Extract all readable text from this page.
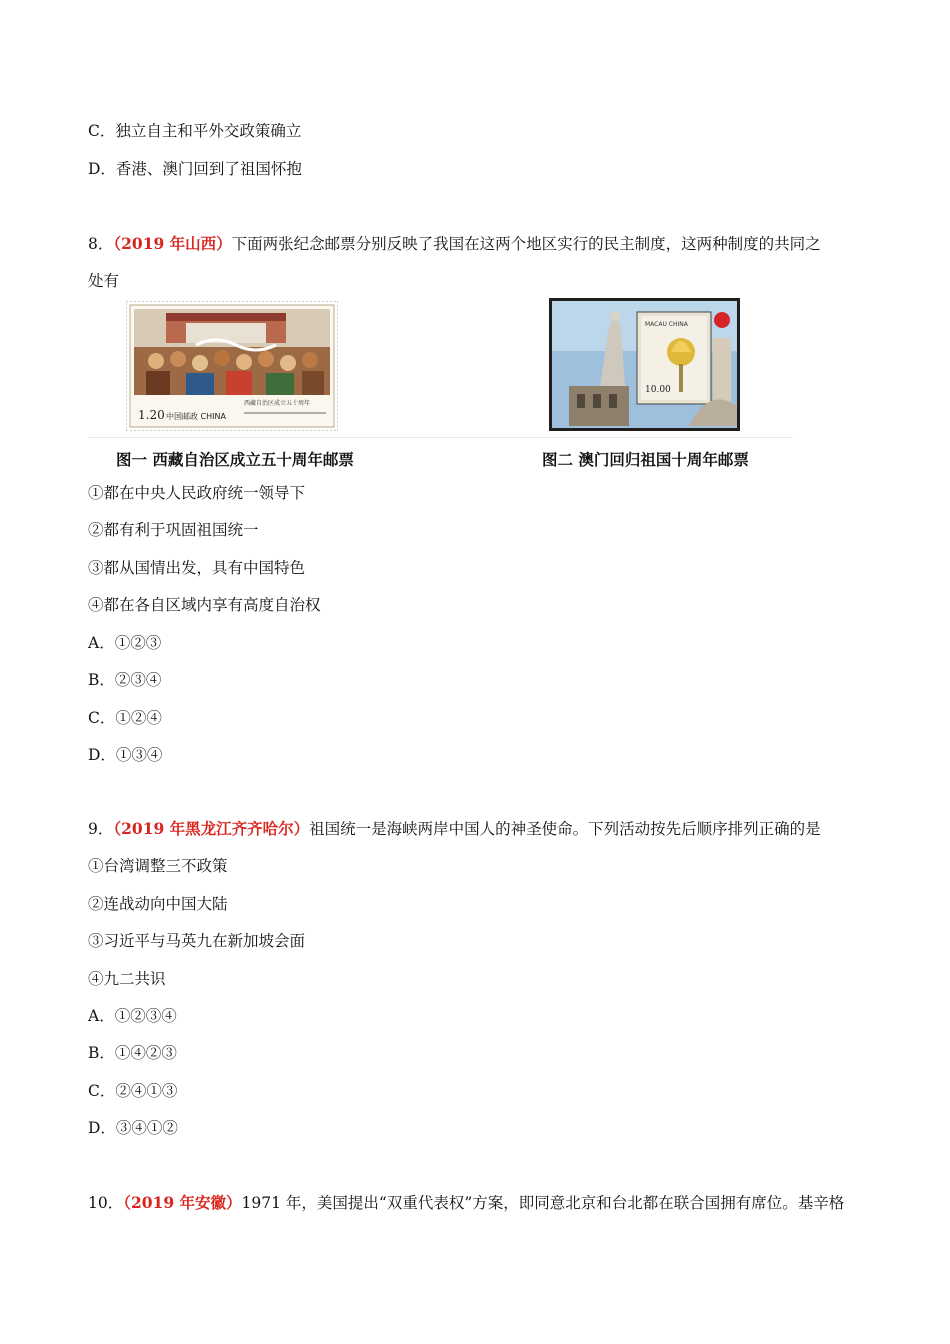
C．独立自主和平外交政策确立
D．香港、澳门回到了祖国怀抱
8．（2019 年山西）下面两张纪念邮票分别反映了我国在这两个地区实行的民主制度，这两种制度的共同之
处有
1.20 中国邮政 CHINA
西藏自治区成立五十周年
MACAU CHINA
10.00
图一 西藏自治区成立五十周年邮票	图二 澳门回归祖国十周年邮票
①都在中央人民政府统一领导下
②都有利于巩固祖国统一
③都从国情出发，具有中国特色
④都在各自区域内享有高度自治权
A．①②③
B．②③④
C．①②④
D．①③④
9．（2019 年黑龙江齐齐哈尔）祖国统一是海峡两岸中国人的神圣使命。下列活动按先后顺序排列正确的是
①台湾调整三不政策
②连战动向中国大陆
③习近平与马英九在新加坡会面
④九二共识
A．①②③④
B．①④②③
C．②④①③
D．③④①②
10．（2019 年安徽）1971 年，美国提出“双重代表权”方案，即同意北京和台北都在联合国拥有席位。基辛格
